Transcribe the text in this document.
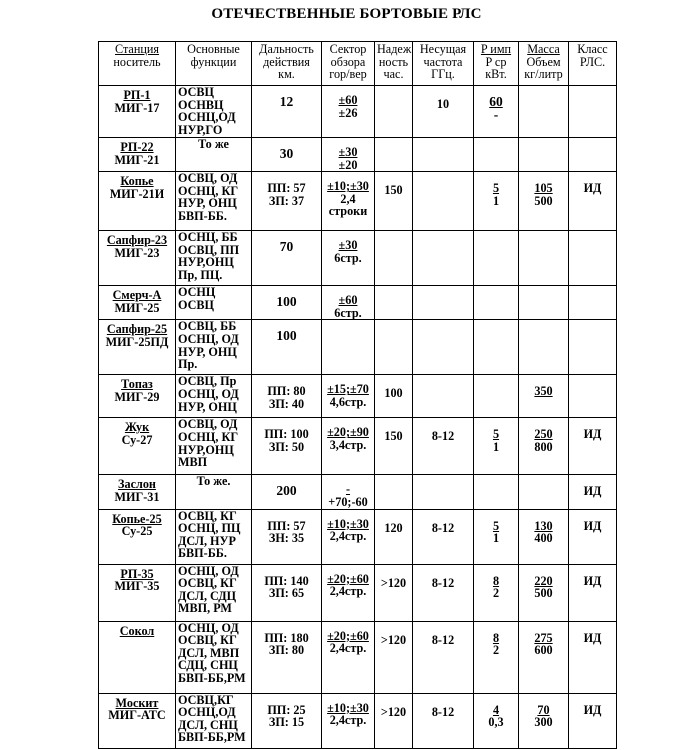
ОТЕЧЕСТВЕННЫЕ БОРТОВЫЕ РЛС
Станция
носитель	Основные
функции	Дальность
действия
км.	Сектор
обзора
гор/вер	Надеж
ность
час.	Несущая
частота
ГГц.	P имп
P ср
кВт.	Масса
Объем
кг/литр	Класс
РЛС.

РП-1
МИГ-17	ОСВЦ
ОСНВЦ
ОСНЦ,ОД
НУР,ГО	12	±60
±26		10	60
-		

РП-22
МИГ-21	То же	30	±30
±20					

Копье
МИГ-21И	ОСВЦ, ОД
ОСНЦ, КГ
НУР, ОНЦ
БВП-ББ.	ПП: 57
ЗП: 37	±10;±30
2,4
строки	150		5
1	105
500	ИД

Сапфир-23
МИГ-23	ОСНЦ, ББ
ОСВЦ, ПП
НУР,ОНЦ
Пр, ПЦ.	70	±30
6стр.					

Смерч-А
МИГ-25	ОСНЦ
ОСВЦ	100	±60
6стр.					

Сапфир-25
МИГ-25ПД	ОСВЦ, ББ
ОСНЦ, ОД
НУР, ОНЦ
Пр.	100						

Топаз
МИГ-29	ОСВЦ, Пр
ОСНЦ, ОД
НУР, ОНЦ	ПП: 80
ЗП: 40	±15;±70
4,6стр.	100			350	

Жук
Су-27	ОСВЦ, ОД
ОСНЦ, КГ
НУР,ОНЦ
МВП	ПП: 100
ЗП: 50	±20;±90
3,4стр.	150	8-12	5
1	250
800	ИД

Заслон
МИГ-31	То же.	200	-
+70;-60					ИД

Копье-25
Су-25	ОСВЦ, КГ
ОСНЦ, ПЦ
ДСЛ, НУР
БВП-ББ.	ПП: 57
ЗН: 35	±10;±30
2,4стр.	120	8-12	5
1	130
400	ИД

РП-35
МИГ-35	ОСНЦ, ОД
ОСВЦ, КГ
ДСЛ, СДЦ
МВП, РМ	ПП: 140
ЗП: 65	±20;±60
2,4стр.	>120	8-12	8
2	220
500	ИД

Сокол	ОСНЦ, ОД
ОСВЦ, КГ
ДСЛ, МВП
СДЦ, СНЦ
БВП-ББ,РМ	ПП: 180
ЗП: 80	±20;±60
2,4стр.	>120	8-12	8
2	275
600	ИД

Москит
МИГ-АТС	ОСВЦ,КГ
ОСНЦ,ОД
ДСЛ, СНЦ
БВП-ББ,РМ	ПП: 25
ЗП: 15	±10;±30
2,4стр.	>120	8-12	4
0,3	70
300	ИД
